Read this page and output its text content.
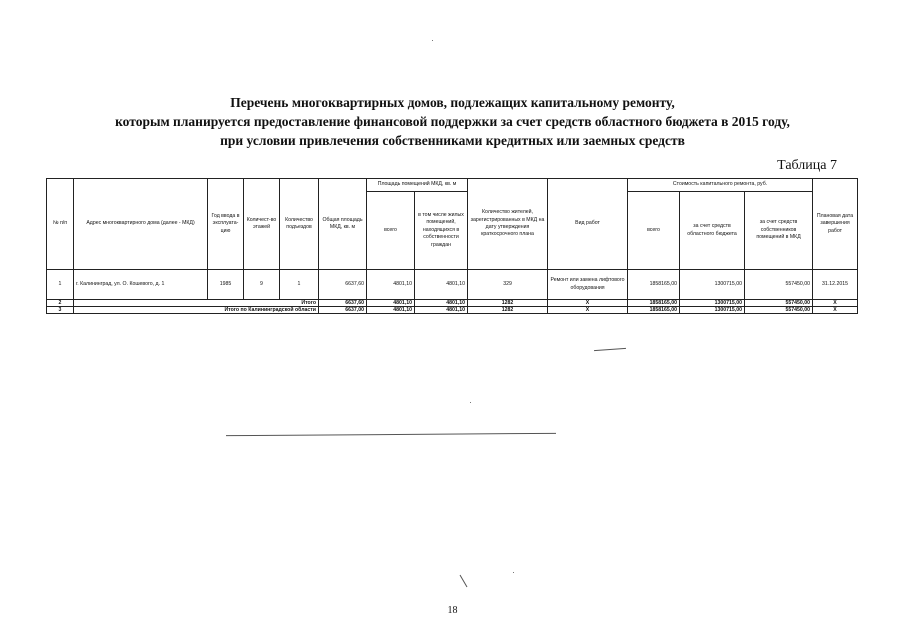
Перечень многоквартирных домов, подлежащих капитальному ремонту,
которым планируется предоставление финансовой поддержки за счет средств областного бюджета в 2015 году,
при условии привлечения собственниками кредитных или заемных средств
Таблица 7
№ п/п	Адрес многоквартирного дома (далее - МКД)	Год ввода в эксплуата-цию	Количест-во этажей	Количество подъездов	Общая площадь МКД, кв. м	Площадь помещений МКД, кв. м		Количество жителей, зарегистрированных в МКД на дату утверждения краткосрочного плана	Вид работ	Стоимость капитального ремонта, руб.			Плановая дата завершения работ
						всего	в том числе жилых помещений, находящихся в собственности граждан			всего	за счет средств областного бюджета	за счет средств собственников помещений в МКД	
1	г. Калининград, ул. О. Кошевого, д. 1	1985	9	1	6637,60	4801,10	4801,10	329	Ремонт или замена лифтового оборудования	1858165,00	1300715,00	557450,00	31.12.2015
2	Итого				6637,60	4801,10	4801,10	1282	X	1858165,00	1300715,00	557450,00	X
3	Итого по Калининградской области				6637,00	4801,10	4801,10	1282	X	1858165,00	1300715,00	557450,00	X
18
